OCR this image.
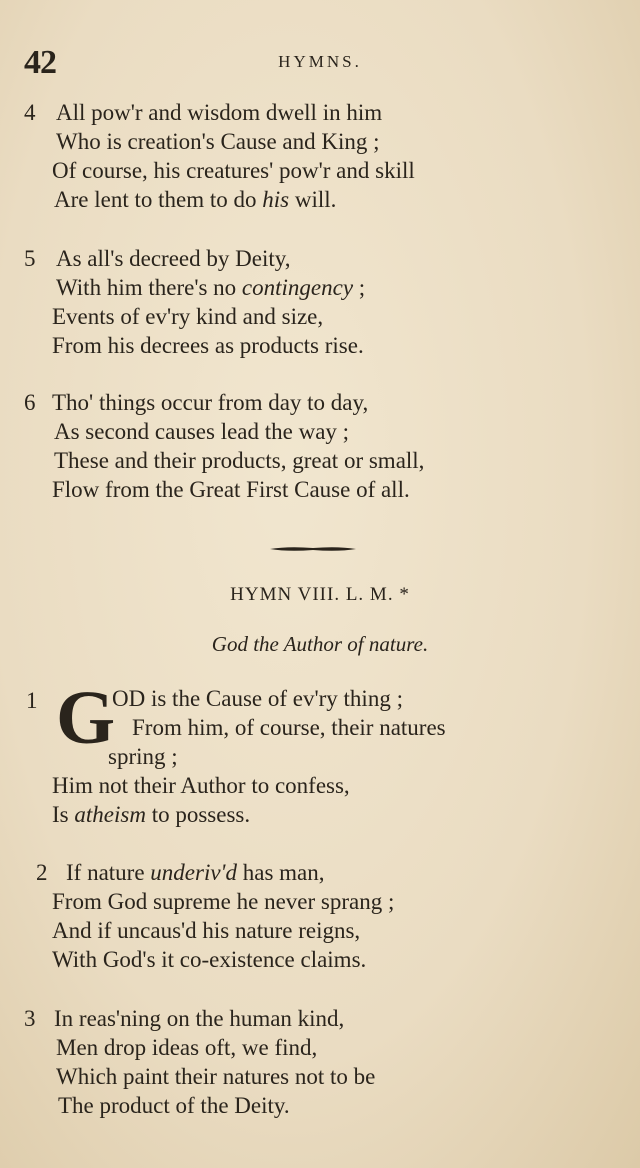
42	HYMNS.
4 All pow'r and wisdom dwell in him
Who is creation's Cause and King ;
Of course, his creatures' pow'r and skill
Are lent to them to do his will.
5 As all's decreed by Deity,
With him there's no contingency ;
Events of ev'ry kind and size,
From his decrees as products rise.
6 Tho' things occur from day to day,
As second causes lead the way ;
These and their products, great or small,
Flow from the Great First Cause of all.
HYMN VIII. L. M. *
God the Author of nature.
1 G
OD is the Cause of ev'ry thing ;
From him, of course, their natures
spring ;
Him not their Author to confess,
Is atheism to possess.
2 If nature underiv'd has man,
From God supreme he never sprang ;
And if uncaus'd his nature reigns,
With God's it co-existence claims.
3 In reas'ning on the human kind,
Men drop ideas oft, we find,
Which paint their natures not to be
The product of the Deity.
